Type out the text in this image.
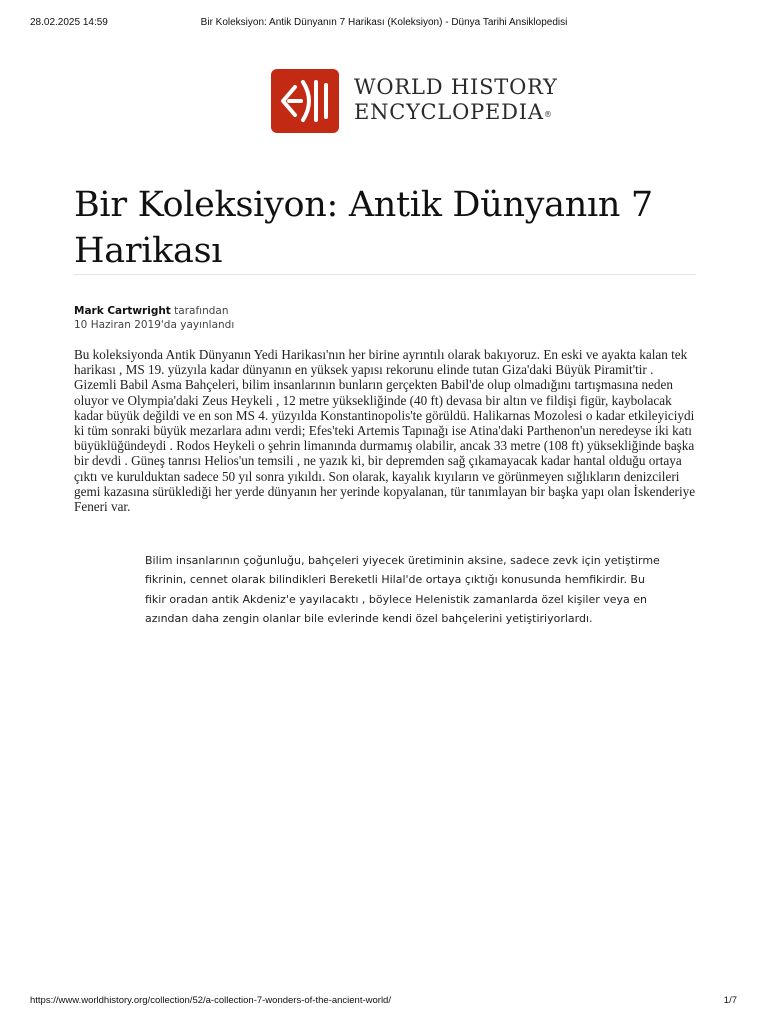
28.02.2025 14:59	Bir Koleksiyon: Antik Dünyanın 7 Harikası (Koleksiyon) - Dünya Tarihi Ansiklopedisi
WORLD HISTORY
ENCYCLOPEDIA®
Bir Koleksiyon: Antik Dünyanın 7 Harikası
Mark Cartwright tarafından
10 Haziran 2019'da yayınlandı

Bu koleksiyonda Antik Dünyanın Yedi Harikası'nın her birine ayrıntılı olarak bakıyoruz. En eski ve ayakta kalan tek harikası , MS 19. yüzyıla kadar dünyanın en yüksek yapısı rekorunu elinde tutan Giza'daki Büyük Piramit'tir . Gizemli Babil Asma Bahçeleri, bilim insanlarının bunların gerçekten Babil'de olup olmadığını tartışmasına neden oluyor ve Olympia'daki Zeus Heykeli , 12 metre yüksekliğinde (40 ft) devasa bir altın ve fildişi figür, kaybolacak kadar büyük değildi ve en son MS 4. yüzyılda Konstantinopolis'te görüldü. Halikarnas Mozolesi o kadar etkileyiciydi ki tüm sonraki büyük mezarlara adını verdi; Efes'teki Artemis Tapınağı ise Atina'daki Parthenon'un neredeyse iki katı büyüklüğündeydi . Rodos Heykeli o şehrin limanında durmamış olabilir, ancak 33 metre (108 ft) yüksekliğinde başka bir devdi . Güneş tanrısı Helios'un temsili , ne yazık ki, bir depremden sağ çıkamayacak kadar hantal olduğu ortaya çıktı ve kurulduktan sadece 50 yıl sonra yıkıldı. Son olarak, kayalık kıyıların ve görünmeyen sığlıkların denizcileri gemi kazasına sürüklediği her yerde dünyanın her yerinde kopyalanan, tür tanımlayan bir başka yapı olan İskenderiye Feneri var.

Bilim insanlarının çoğunluğu, bahçeleri yiyecek üretiminin aksine, sadece zevk için yetiştirme fikrinin, cennet olarak bilindikleri Bereketli Hilal'de ortaya çıktığı konusunda hemfikirdir. Bu fikir oradan antik Akdeniz'e yayılacaktı , böylece Helenistik zamanlarda özel kişiler veya en azından daha zengin olanlar bile evlerinde kendi özel bahçelerini yetiştiriyorlardı.

https://www.worldhistory.org/collection/52/a-collection-7-wonders-of-the-ancient-world/	1/7
